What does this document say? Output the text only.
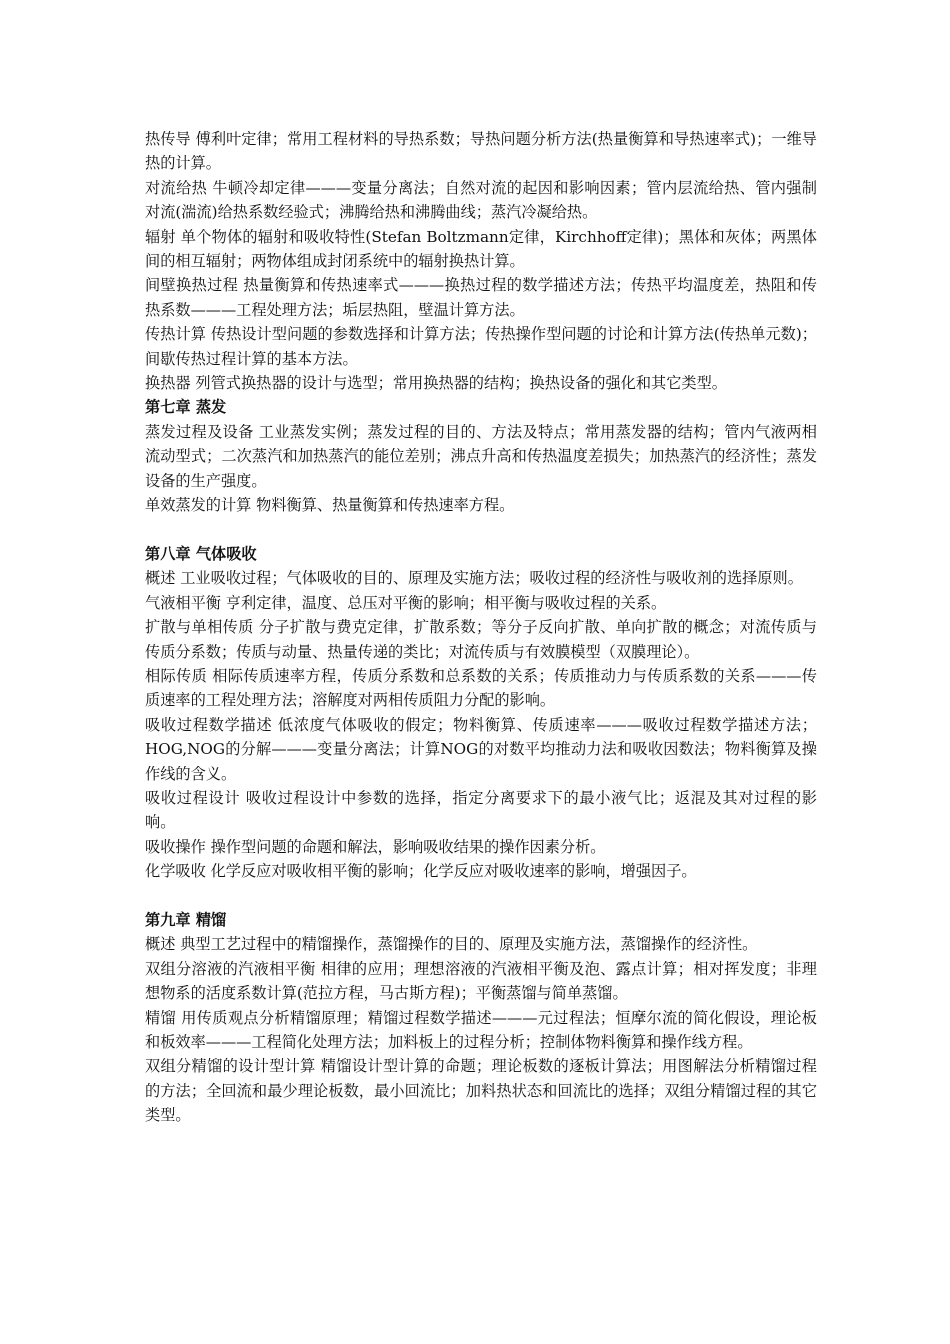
热传导 傅利叶定律；常用工程材料的导热系数；导热问题分析方法(热量衡算和导热速率式)；一维导热的计算。

对流给热 牛顿冷却定律———变量分离法；自然对流的起因和影响因素；管内层流给热、管内强制对流(湍流)给热系数经验式；沸腾给热和沸腾曲线；蒸汽冷凝给热。

辐射 单个物体的辐射和吸收特性(Stefan Boltzmann定律，Kirchhoff定律)；黑体和灰体；两黑体间的相互辐射；两物体组成封闭系统中的辐射换热计算。

间壁换热过程 热量衡算和传热速率式———换热过程的数学描述方法；传热平均温度差，热阻和传热系数———工程处理方法；垢层热阻，壁温计算方法。

传热计算 传热设计型问题的参数选择和计算方法；传热操作型问题的讨论和计算方法(传热单元数)；间歇传热过程计算的基本方法。

换热器 列管式换热器的设计与选型；常用换热器的结构；换热设备的强化和其它类型。

第七章 蒸发

蒸发过程及设备 工业蒸发实例；蒸发过程的目的、方法及特点；常用蒸发器的结构；管内气液两相流动型式；二次蒸汽和加热蒸汽的能位差别；沸点升高和传热温度差损失；加热蒸汽的经济性；蒸发设备的生产强度。

单效蒸发的计算 物料衡算、热量衡算和传热速率方程。

第八章 气体吸收

概述 工业吸收过程；气体吸收的目的、原理及实施方法；吸收过程的经济性与吸收剂的选择原则。

气液相平衡 亨利定律，温度、总压对平衡的影响；相平衡与吸收过程的关系。

扩散与单相传质 分子扩散与费克定律，扩散系数；等分子反向扩散、单向扩散的概念；对流传质与传质分系数；传质与动量、热量传递的类比；对流传质与有效膜模型（双膜理论）。

相际传质 相际传质速率方程，传质分系数和总系数的关系；传质推动力与传质系数的关系———传质速率的工程处理方法；溶解度对两相传质阻力分配的影响。

吸收过程数学描述 低浓度气体吸收的假定；物料衡算、传质速率———吸收过程数学描述方法； HOG,NOG的分解———变量分离法；计算NOG的对数平均推动力法和吸收因数法；物料衡算及操作线的含义。

吸收过程设计 吸收过程设计中参数的选择，指定分离要求下的最小液气比；返混及其对过程的影响。

吸收操作 操作型问题的命题和解法，影响吸收结果的操作因素分析。

化学吸收 化学反应对吸收相平衡的影响；化学反应对吸收速率的影响，增强因子。

第九章 精馏

概述 典型工艺过程中的精馏操作，蒸馏操作的目的、原理及实施方法，蒸馏操作的经济性。

双组分溶液的汽液相平衡 相律的应用；理想溶液的汽液相平衡及泡、露点计算；相对挥发度；非理想物系的活度系数计算(范拉方程，马古斯方程)；平衡蒸馏与简单蒸馏。

精馏 用传质观点分析精馏原理；精馏过程数学描述———元过程法；恒摩尔流的简化假设，理论板和板效率———工程简化处理方法；加料板上的过程分析；控制体物料衡算和操作线方程。

双组分精馏的设计型计算 精馏设计型计算的命题；理论板数的逐板计算法；用图解法分析精馏过程的方法；全回流和最少理论板数，最小回流比；加料热状态和回流比的选择；双组分精馏过程的其它类型。
